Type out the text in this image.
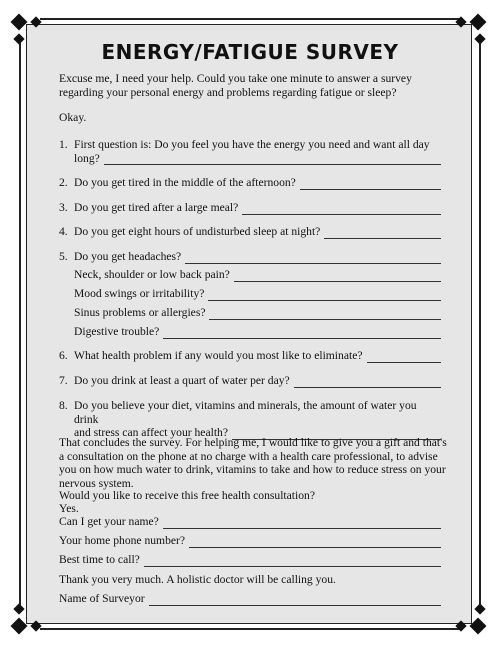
ENERGY/FATIGUE SURVEY
Excuse me, I need your help. Could you take one minute to answer a survey regarding your personal energy and problems regarding fatigue or sleep?
Okay.
1. First question is: Do you feel you have the energy you need and want all day
long?
2. Do you get tired in the middle of the afternoon?
3. Do you get tired after a large meal?
4. Do you get eight hours of undisturbed sleep at night?
5. Do you get headaches?
Neck, shoulder or low back pain?
Mood swings or irritability?
Sinus problems or allergies?
Digestive trouble?
6. What health problem if any would you most like to eliminate?
7. Do you drink at least a quart of water per day?
8. Do you believe your diet, vitamins and minerals, the amount of water you drink
and stress can affect your health?
That concludes the survey. For helping me, I would like to give you a gift and that's a consultation on the phone at no charge with a health care professional, to advise you on how much water to drink, vitamins to take and how to reduce stress on your nervous system.
Would you like to receive this free health consultation?
Yes.
Can I get your name?
Your home phone number?
Best time to call?
Thank you very much. A holistic doctor will be calling you.
Name of Surveyor
